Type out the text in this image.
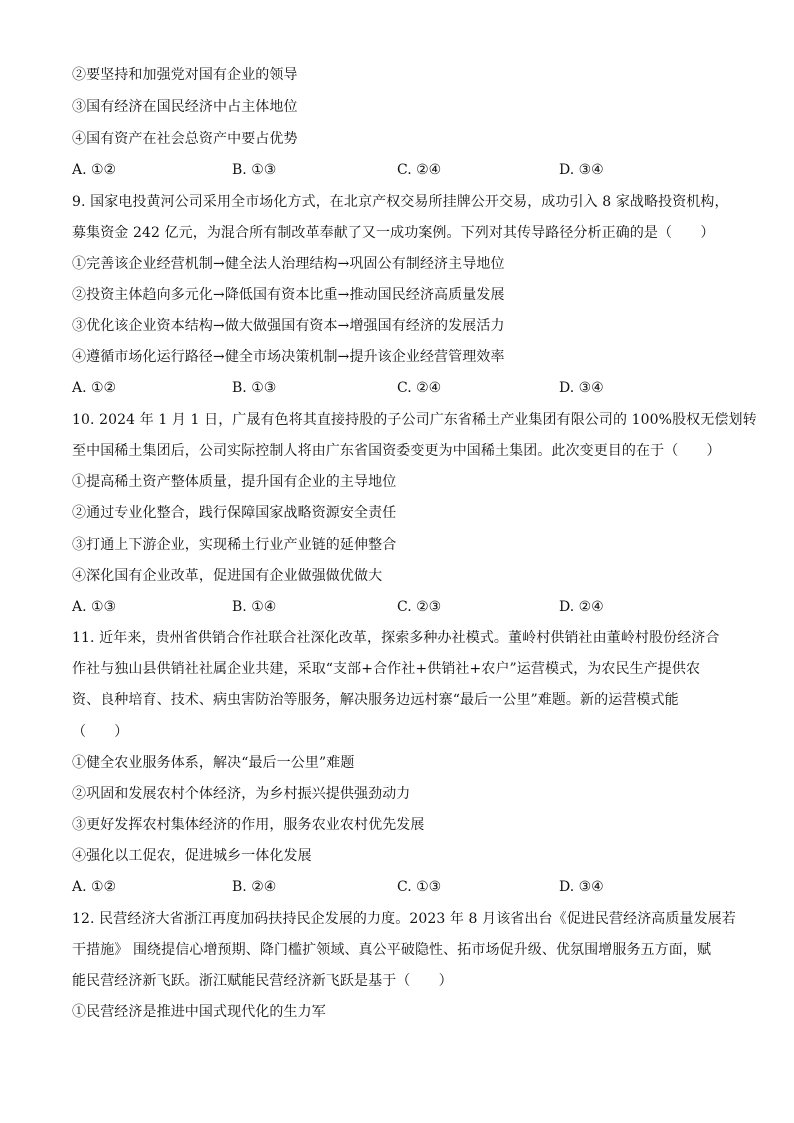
②要坚持和加强党对国有企业的领导
③国有经济在国民经济中占主体地位
④国有资产在社会总资产中要占优势
A. ①②	B. ①③	C. ②④	D. ③④
9. 国家电投黄河公司采用全市场化方式，在北京产权交易所挂牌公开交易，成功引入 8 家战略投资机构，
募集资金 242 亿元，为混合所有制改革奉献了又一成功案例。下列对其传导路径分析正确的是（　　）
①完善该企业经营机制→健全法人治理结构→巩固公有制经济主导地位
②投资主体趋向多元化→降低国有资本比重→推动国民经济高质量发展
③优化该企业资本结构→做大做强国有资本→增强国有经济的发展活力
④遵循市场化运行路径→健全市场决策机制→提升该企业经营管理效率
A. ①②	B. ①③	C. ②④	D. ③④
10. 2024 年 1 月 1 日，广晟有色将其直接持股的子公司广东省稀土产业集团有限公司的 100%股权无偿划转
至中国稀土集团后，公司实际控制人将由广东省国资委变更为中国稀土集团。此次变更目的在于（　　）
①提高稀土资产整体质量，提升国有企业的主导地位
②通过专业化整合，践行保障国家战略资源安全责任
③打通上下游企业，实现稀土行业产业链的延伸整合
④深化国有企业改革，促进国有企业做强做优做大
A. ①③	B. ①④	C. ②③	D. ②④
11. 近年来，贵州省供销合作社联合社深化改革，探索多种办社模式。董岭村供销社由董岭村股份经济合
作社与独山县供销社社属企业共建，采取“支部+合作社+供销社+农户”运营模式，为农民生产提供农
资、良种培育、技术、病虫害防治等服务，解决服务边远村寨“最后一公里”难题。新的运营模式能
（　　）
①健全农业服务体系，解决“最后一公里”难题
②巩固和发展农村个体经济，为乡村振兴提供强劲动力
③更好发挥农村集体经济的作用，服务农业农村优先发展
④强化以工促农，促进城乡一体化发展
A. ①②	B. ②④	C. ①③	D. ③④
12. 民营经济大省浙江再度加码扶持民企发展的力度。2023 年 8 月该省出台《促进民营经济高质量发展若
干措施》 围绕提信心增预期、降门槛扩领域、真公平破隐性、拓市场促升级、优氛围增服务五方面，赋
能民营经济新飞跃。浙江赋能民营经济新飞跃是基于（　　）
①民营经济是推进中国式现代化的生力军
